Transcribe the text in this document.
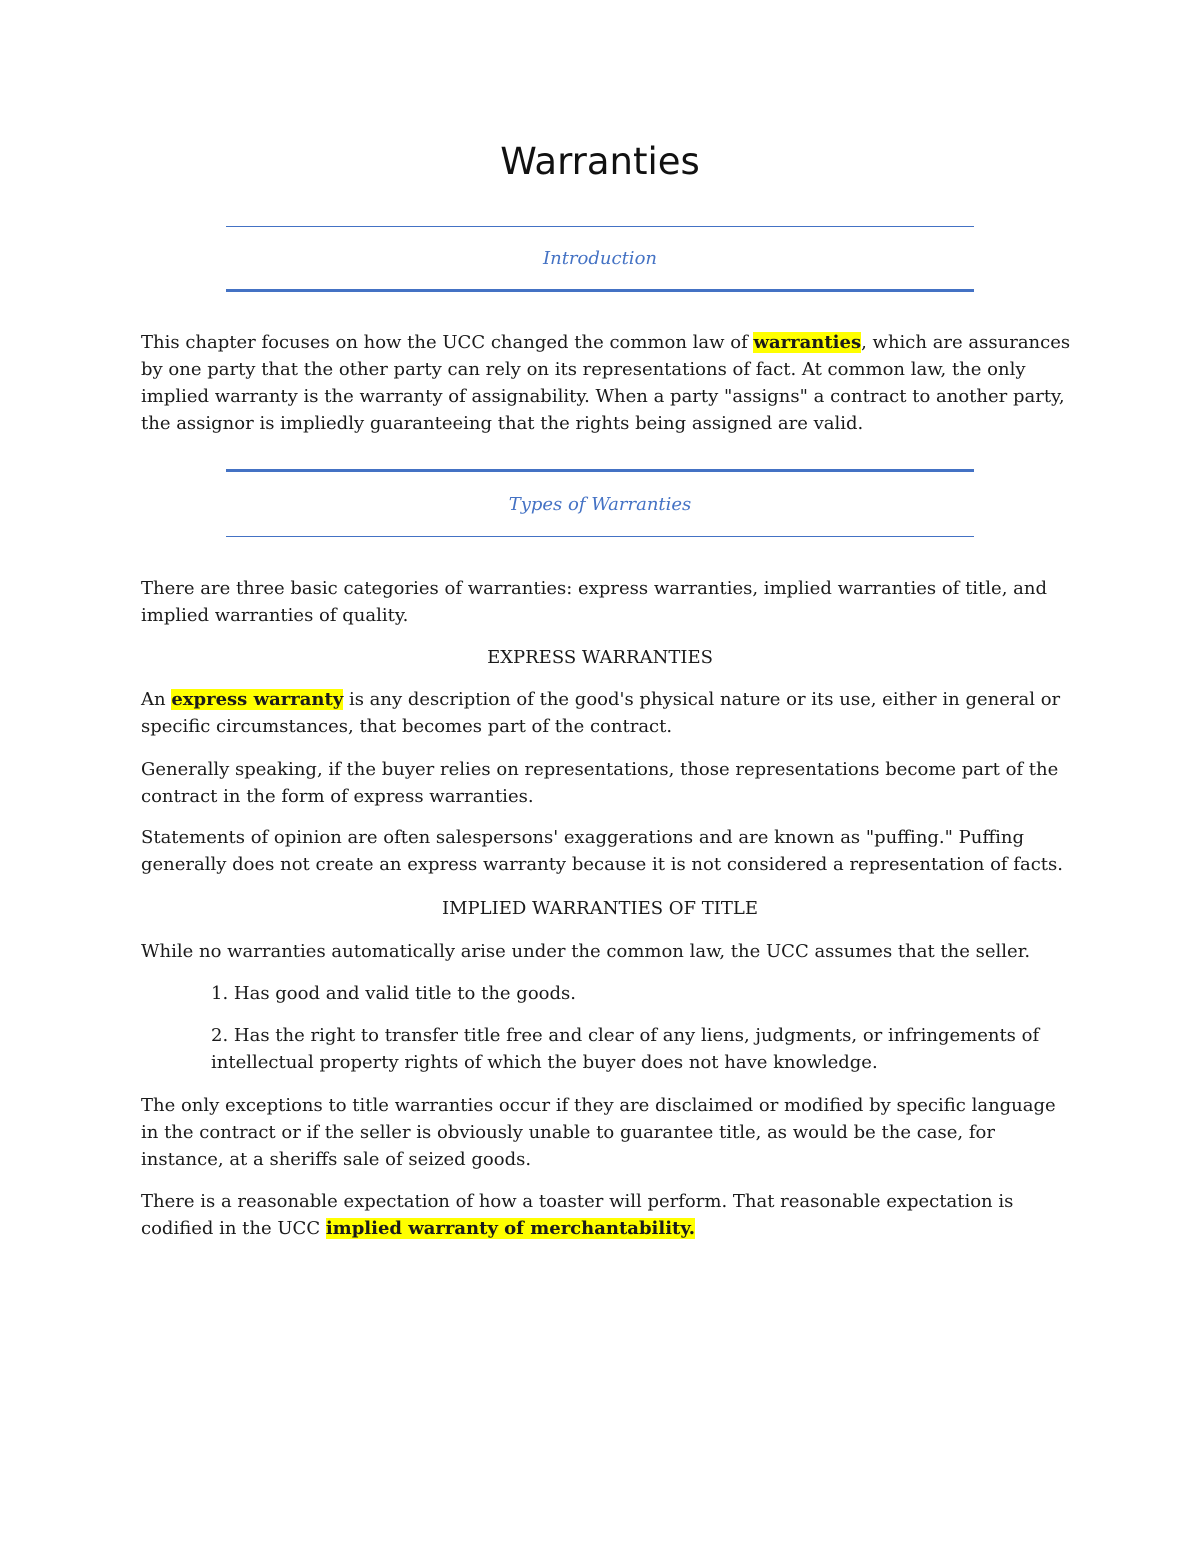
Warranties
Introduction

This chapter focuses on how the UCC changed the common law of warranties, which are assurances by one party that the other party can rely on its representations of fact. At common law, the only implied warranty is the warranty of assignability. When a party "assigns" a contract to another party, the assignor is impliedly guaranteeing that the rights being assigned are valid.

Types of Warranties

There are three basic categories of warranties: express warranties, implied warranties of title, and implied warranties of quality.

EXPRESS WARRANTIES

An express warranty is any description of the good's physical nature or its use, either in general or specific circumstances, that becomes part of the contract.

Generally speaking, if the buyer relies on representations, those representations become part of the contract in the form of express warranties.

Statements of opinion are often salespersons' exaggerations and are known as "puffing." Puffing generally does not create an express warranty because it is not considered a representation of facts.

IMPLIED WARRANTIES OF TITLE

While no warranties automatically arise under the common law, the UCC assumes that the seller.

1. Has good and valid title to the goods.

2. Has the right to transfer title free and clear of any liens, judgments, or infringements of intellectual property rights of which the buyer does not have knowledge.

The only exceptions to title warranties occur if they are disclaimed or modified by specific language in the contract or if the seller is obviously unable to guarantee title, as would be the case, for instance, at a sheriffs sale of seized goods.

There is a reasonable expectation of how a toaster will perform. That reasonable expectation is codified in the UCC implied warranty of merchantability.
